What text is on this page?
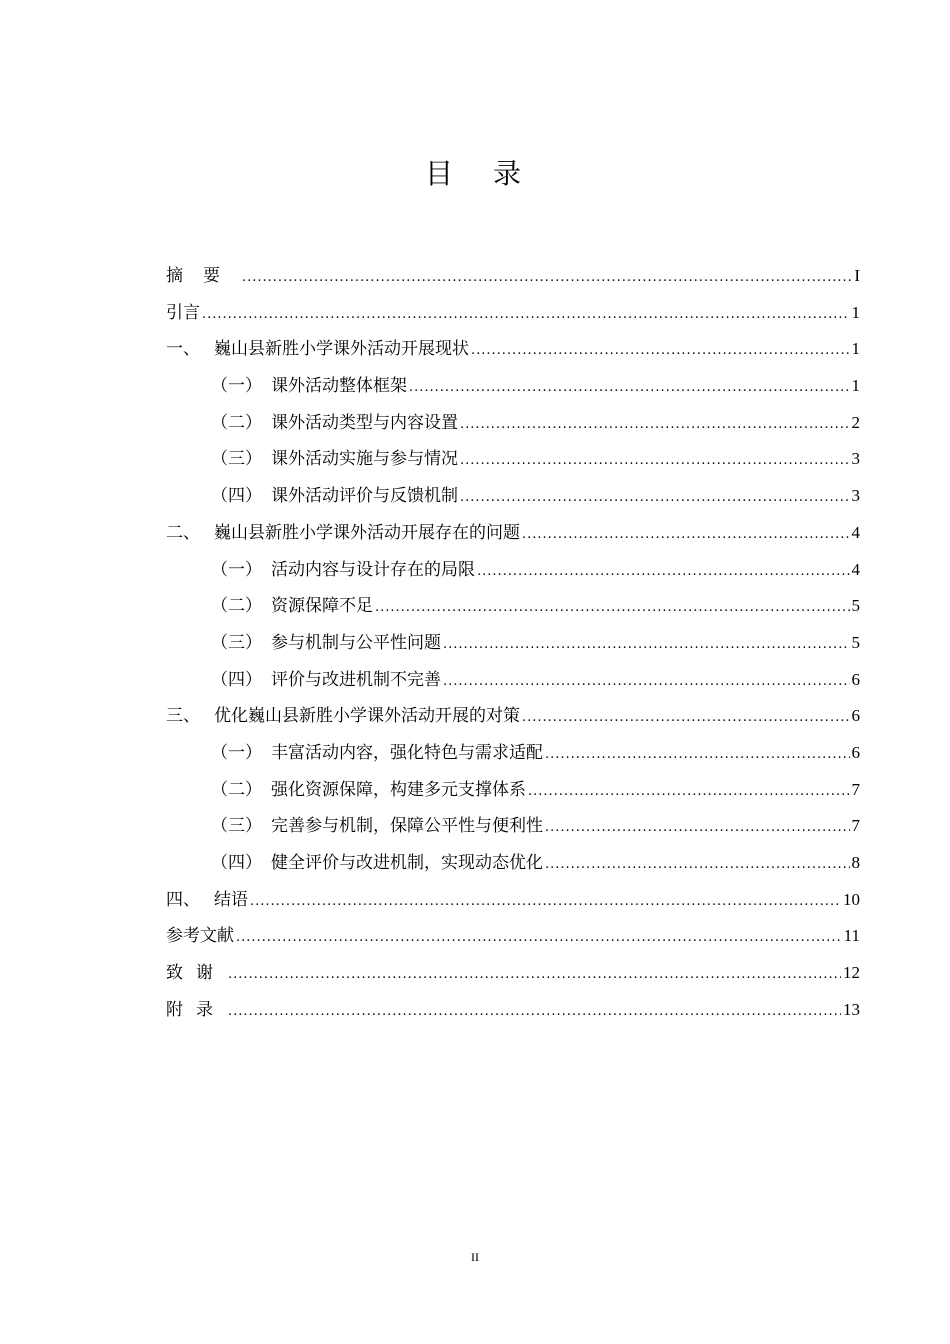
目录
摘要 .....	I
引言 .....	1
一、 巍山县新胜小学课外活动开展现状 .....	1
（一） 课外活动整体框架 .....	1
（二） 课外活动类型与内容设置 .....	2
（三） 课外活动实施与参与情况 .....	3
（四） 课外活动评价与反馈机制 .....	3
二、 巍山县新胜小学课外活动开展存在的问题 .....	4
（一） 活动内容与设计存在的局限 .....	4
（二） 资源保障不足 .....	5
（三） 参与机制与公平性问题 .....	5
（四） 评价与改进机制不完善 .....	6
三、 优化巍山县新胜小学课外活动开展的对策 .....	6
（一） 丰富活动内容，强化特色与需求适配 .....	6
（二） 强化资源保障，构建多元支撑体系 .....	7
（三） 完善参与机制，保障公平性与便利性 .....	7
（四） 健全评价与改进机制，实现动态优化 .....	8
四、 结语 .....	10
参考文献 .....	11
致谢 .....	12
附录 .....	13
II
